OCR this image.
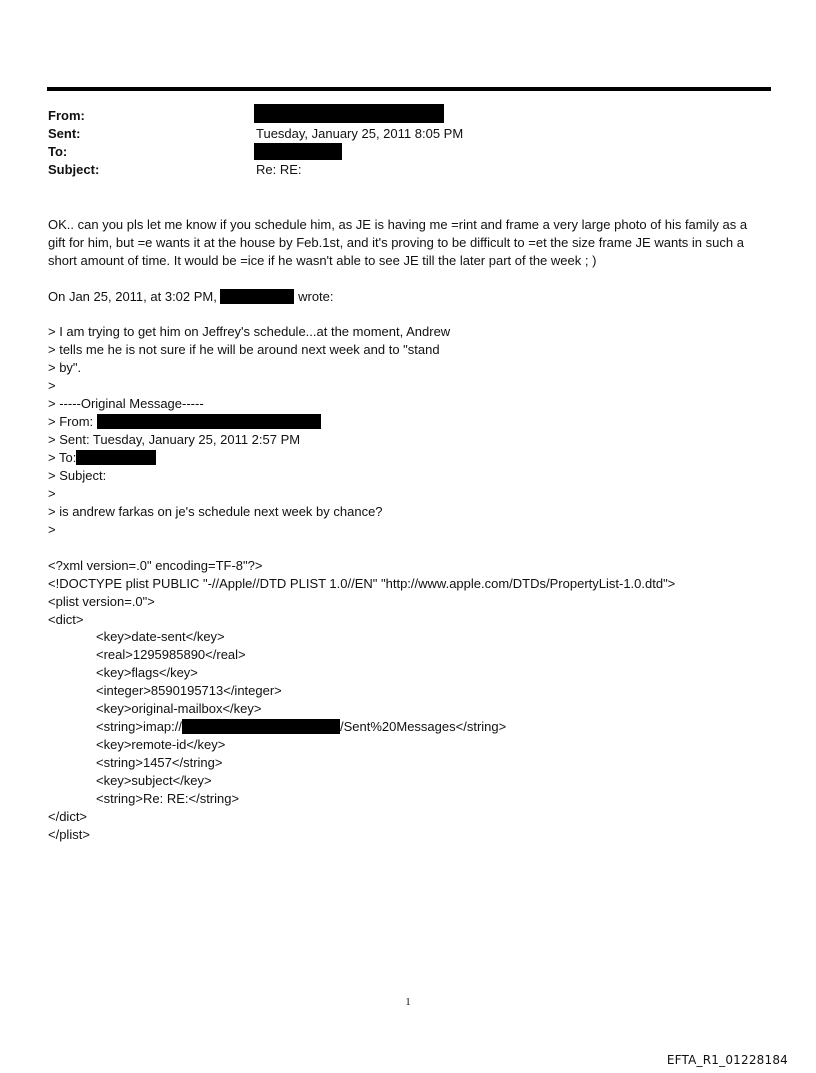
From:
Sent:	Tuesday, January 25, 2011 8:05 PM
To:
Subject:	Re: RE:
OK.. can you pls let me know if you schedule him, as JE is having me =rint and frame a very large photo of his family as a gift for him, but =e wants it at the house by Feb.1st, and it's proving to be difficult to =et the size frame JE wants in such a short amount of time. It would be =ice if he wasn't able to see JE till the later part of the week ; )
On Jan 25, 2011, at 3:02 PM,	wrote:
> I am trying to get him on Jeffrey's schedule...at the moment, Andrew
> tells me he is not sure if he will be around next week and to "stand
> by".
>
> -----Original Message-----
> From:
> Sent: Tuesday, January 25, 2011 2:57 PM
> To:
> Subject:
>
> is andrew farkas on je's schedule next week by chance?
>
<?xml version=.0" encoding=TF-8"?>
<!DOCTYPE plist PUBLIC "-//Apple//DTD PLIST 1.0//EN" "http://www.apple.com/DTDs/PropertyList-1.0.dtd">
<plist version=.0">
<dict>
<key>date-sent</key>
<real>1295985890</real>
<key>flags</key>
<integer>8590195713</integer>
<key>original-mailbox</key>
<string>imap://	/Sent%20Messages</string>
<key>remote-id</key>
<string>1457</string>
<key>subject</key>
<string>Re: RE:</string>
</dict>
</plist>
1
EFTA_R1_01228184
